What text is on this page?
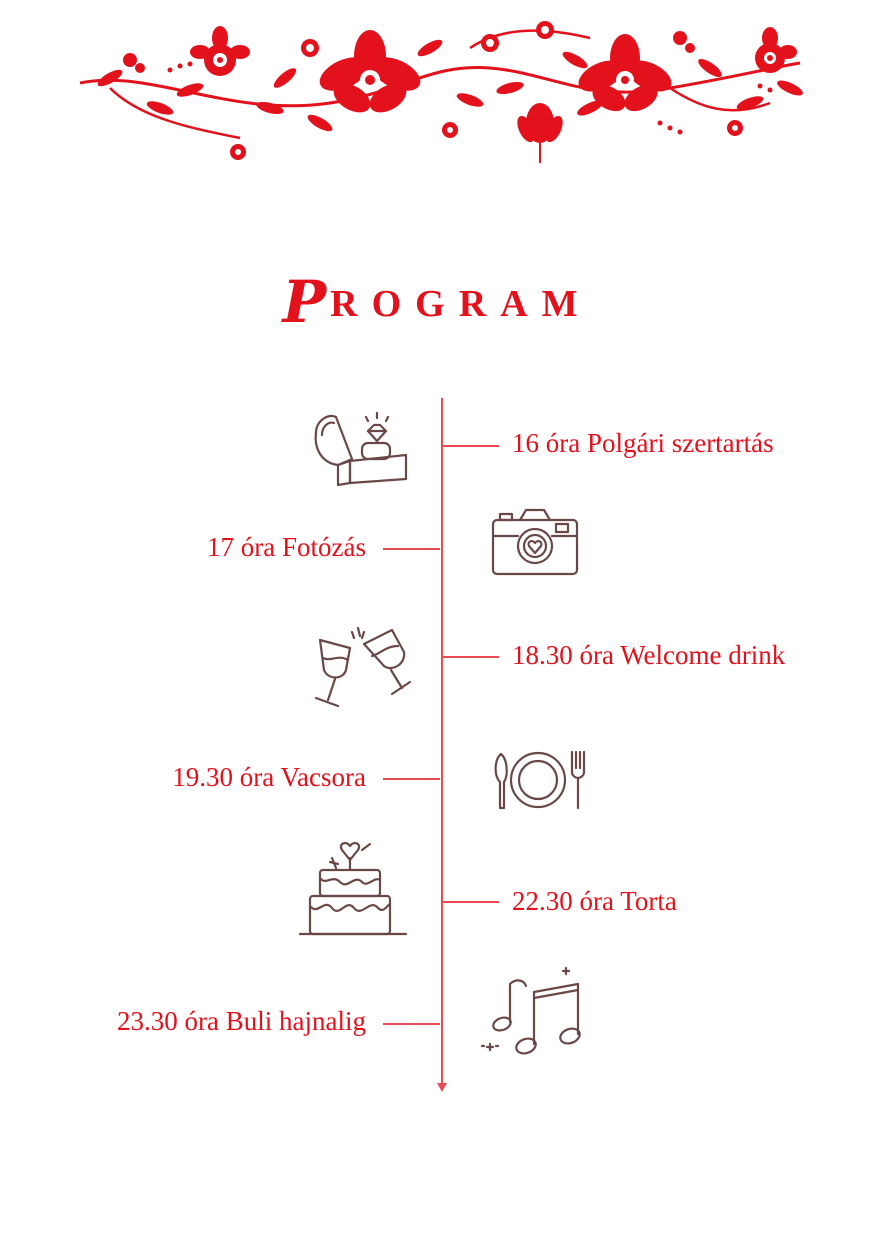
PROGRAM
16 óra Polgári szertartás
17 óra Fotózás
18.30 óra Welcome drink
19.30 óra Vacsora
22.30 óra Torta
23.30 óra Buli hajnalig
